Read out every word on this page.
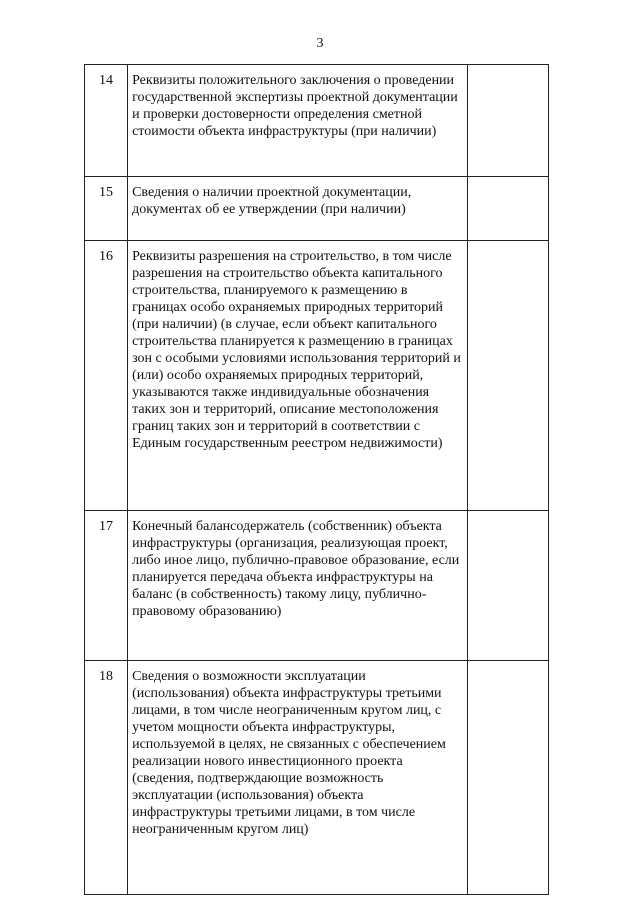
3
14	Реквизиты положительного заключения о проведении государственной экспертизы проектной документации и проверки достоверности определения сметной стоимости объекта инфраструктуры (при наличии)	
15	Сведения о наличии проектной документации, документах об ее утверждении (при наличии)	
16	Реквизиты разрешения на строительство, в том числе разрешения на строительство объекта капитального строительства, планируемого к размещению в границах особо охраняемых природных территорий (при наличии) (в случае, если объект капитального строительства планируется к размещению в границах зон с особыми условиями использования территорий и (или) особо охраняемых природных территорий, указываются также индивидуальные обозначения таких зон и территорий, описание местоположения границ таких зон и территорий в соответствии с Единым государственным реестром недвижимости)	
17	Конечный балансодержатель (собственник) объекта инфраструктуры (организация, реализующая проект, либо иное лицо, публично-правовое образование, если планируется передача объекта инфраструктуры на баланс (в собственность) такому лицу, публично-правовому образованию)	
18	Сведения о возможности эксплуатации (использования) объекта инфраструктуры третьими лицами, в том числе неограниченным кругом лиц, с учетом мощности объекта инфраструктуры, используемой в целях, не связанных с обеспечением реализации нового инвестиционного проекта (сведения, подтверждающие возможность эксплуатации (использования) объекта инфраструктуры третьими лицами, в том числе неограниченным кругом лиц)	
